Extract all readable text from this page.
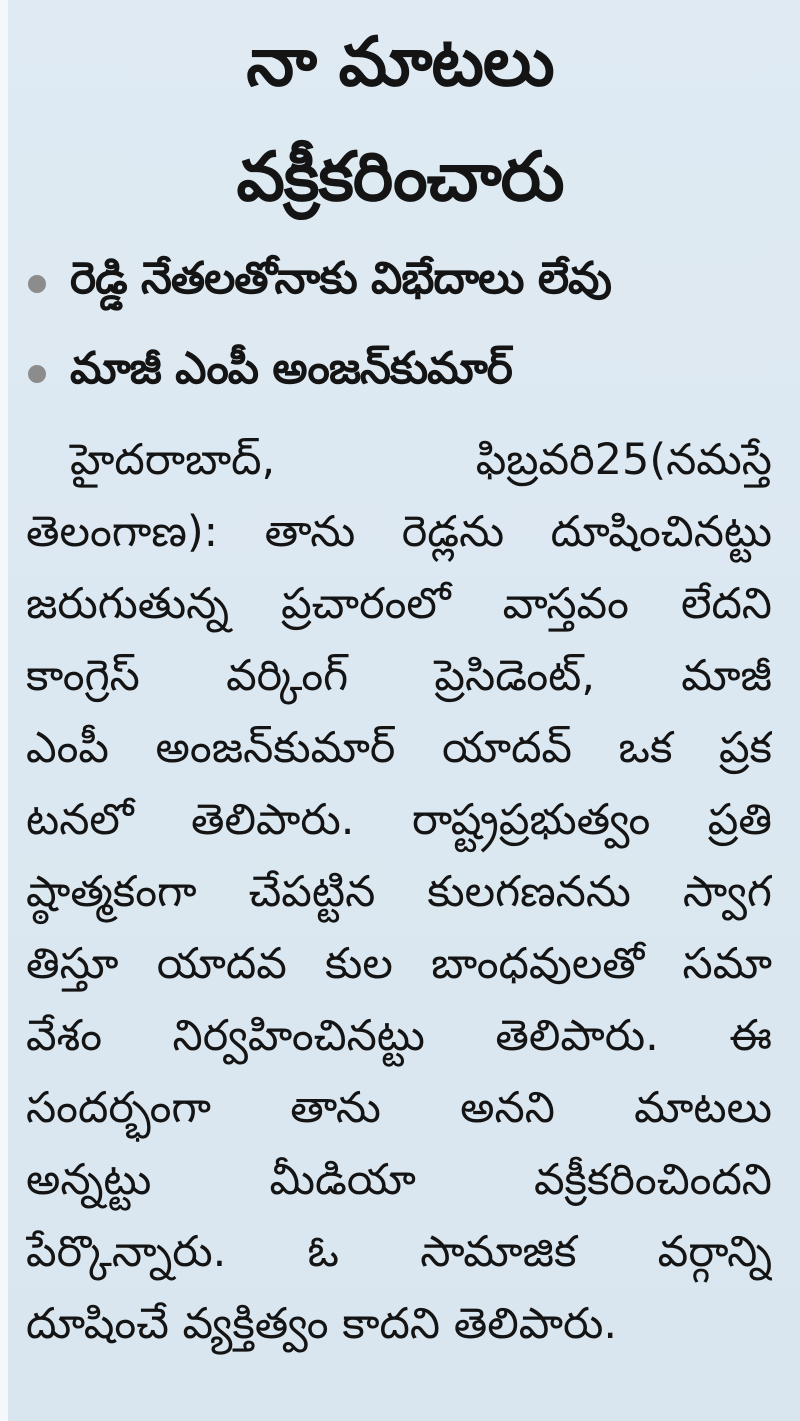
నా మాటలు
వక్రీకరించారు
రెడ్డి నేతలతోనాకు విభేదాలు లేవు
మాజీ ఎంపీ అంజన్‌కుమార్
హైదరాబాద్, ఫిబ్రవరి25(నమస్తే
తెలంగాణ): తాను రెడ్లను దూషించినట్టు
జరుగుతున్న ప్రచారంలో వాస్తవం లేదని
కాంగ్రెస్ వర్కింగ్ ప్రెసిడెంట్, మాజీ
ఎంపీ అంజన్‌కుమార్ యాదవ్ ఒక ప్రక
టనలో తెలిపారు. రాష్ట్రప్రభుత్వం ప్రతి
ష్ఠాత్మకంగా చేపట్టిన కులగణనను స్వాగ
తిస్తూ యాదవ కుల బాంధవులతో సమా
వేశం నిర్వహించినట్టు తెలిపారు. ఈ
సందర్భంగా తాను అనని మాటలు
అన్నట్టు మీడియా వక్రీకరించిందని
పేర్కొన్నారు. ఓ సామాజిక వర్గాన్ని
దూషించే వ్యక్తిత్వం కాదని తెలిపారు.
